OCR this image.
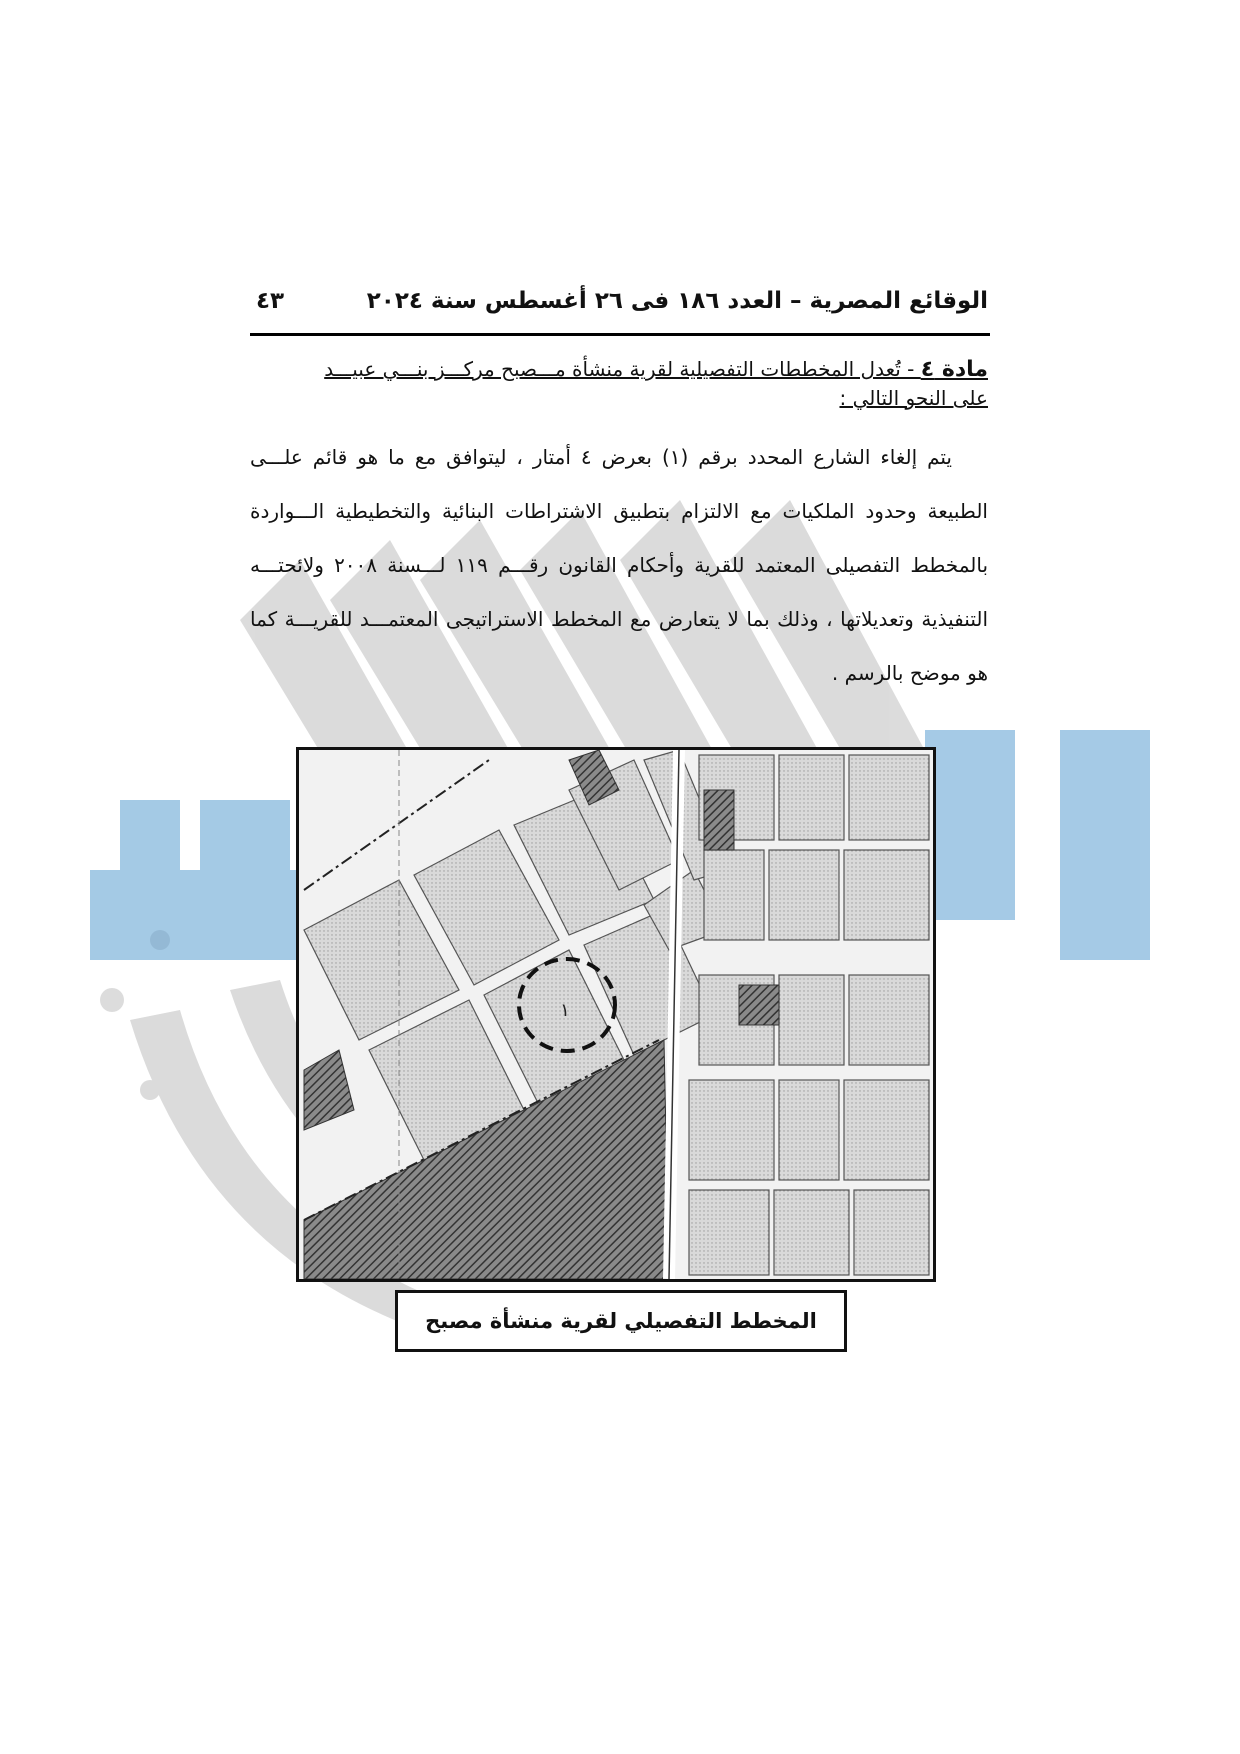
الوقائع المصرية – العدد ١٨٦ فى ٢٦ أغسطس سنة ٢٠٢٤
٤٣

مادة ٤ - تُعدل المخططات التفصيلية لقرية منشأة مـــصبح مركـــز بنـــي عبيـــد

على النحو التالي :

يتم إلغاء الشارع المحدد برقم (١) بعرض ٤ أمتار ، ليتوافق مع ما هو قائم علـــى الطبيعة وحدود الملكيات مع الالتزام بتطبيق الاشتراطات البنائية والتخطيطية الـــواردة بالمخطط التفصيلى المعتمد للقرية وأحكام القانون رقـــم ١١٩ لـــسنة ٢٠٠٨ ولائحتـــه التنفيذية وتعديلاتها ، وذلك بما لا يتعارض مع المخطط الاستراتيجى المعتمـــد للقريـــة كما هو موضح بالرسم .

١
المخطط التفصيلي لقرية منشأة مصبح
